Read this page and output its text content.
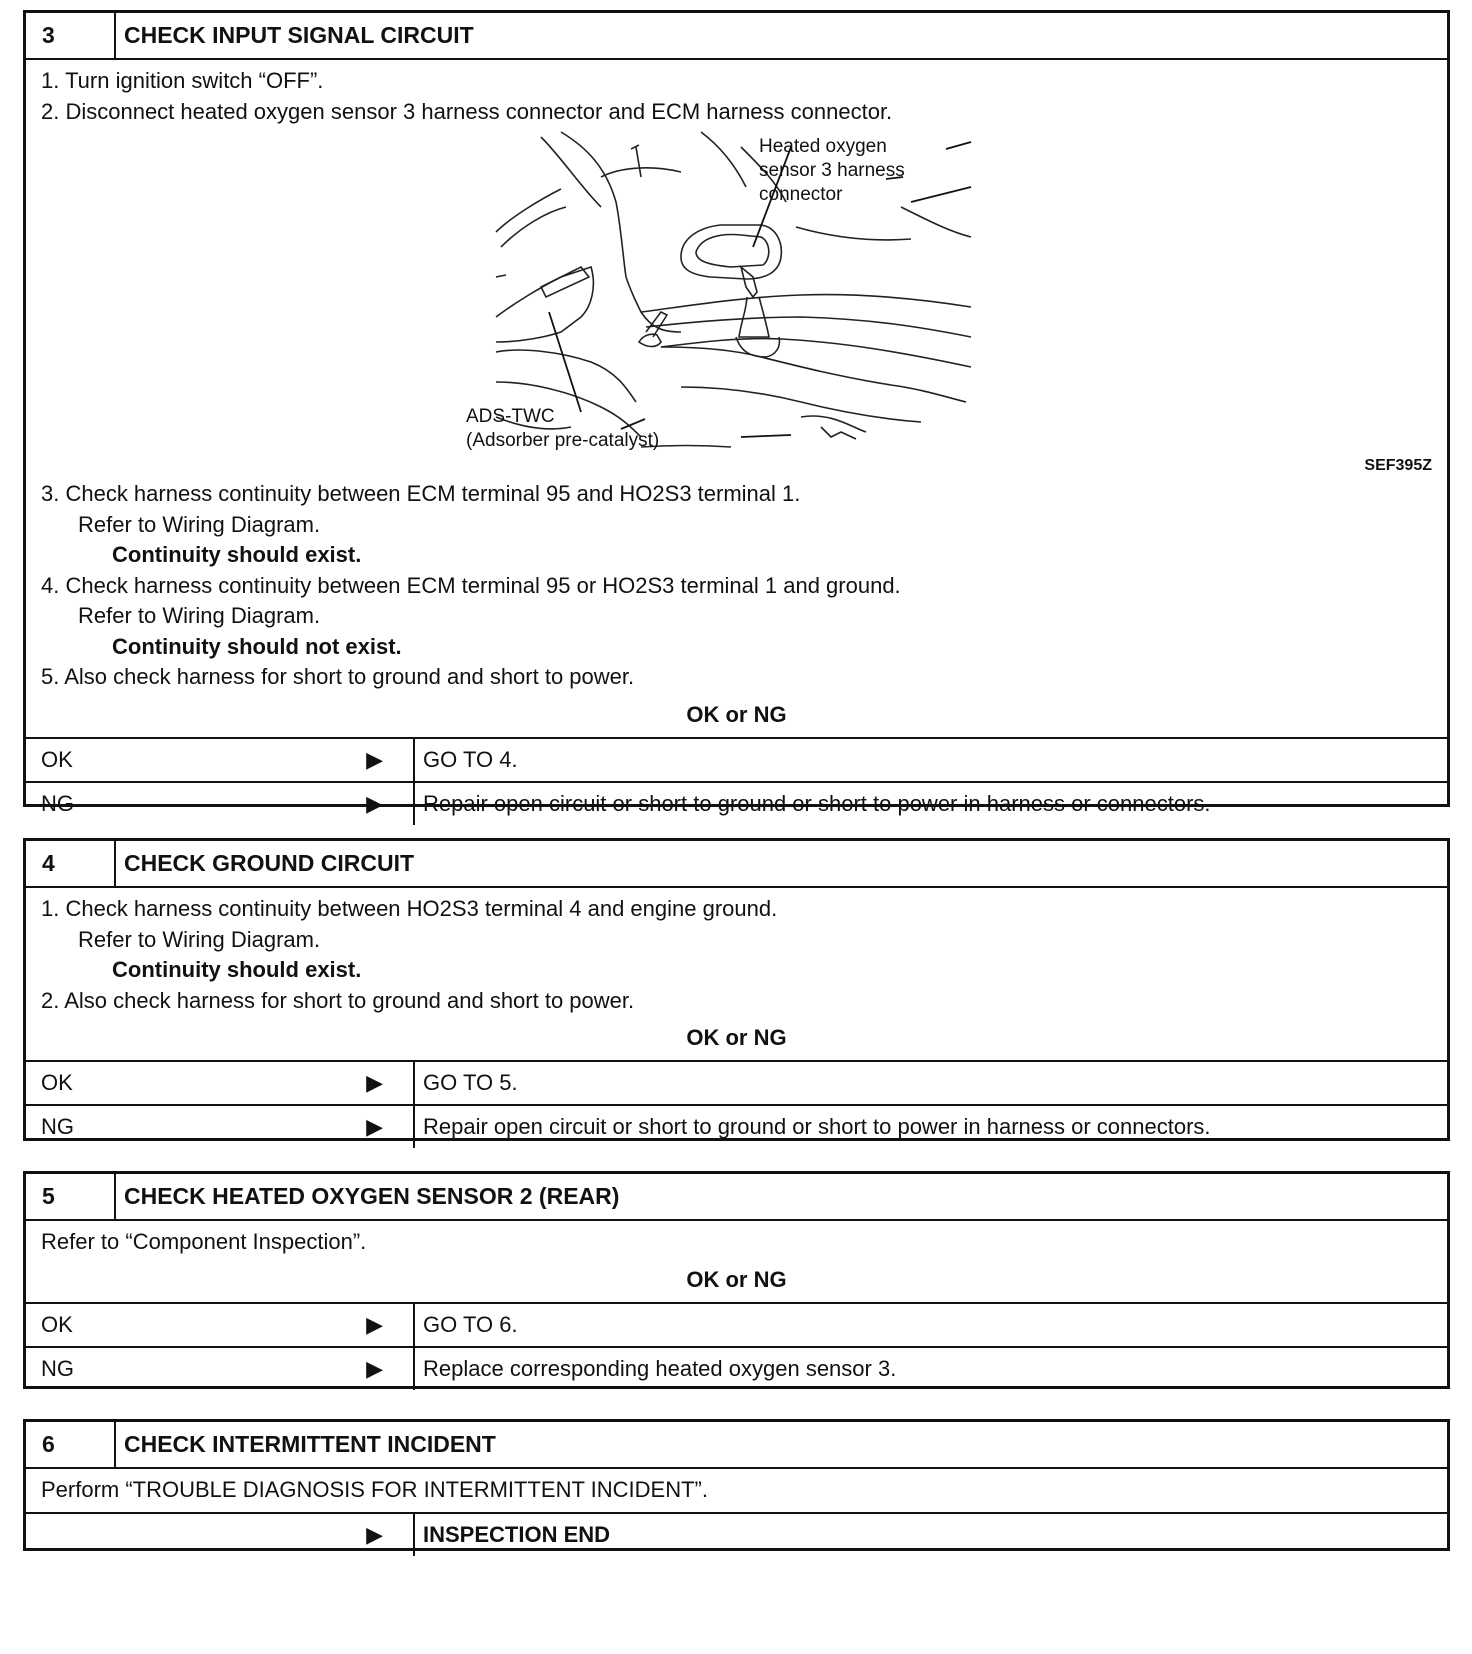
3	CHECK INPUT SIGNAL CIRCUIT
1. Turn ignition switch “OFF”.
2. Disconnect heated oxygen sensor 3 harness connector and ECM harness connector.
Heated oxygen
sensor 3 harness
connector
ADS-TWC
(Adsorber pre-catalyst)
SEF395Z
3. Check harness continuity between ECM terminal 95 and HO2S3 terminal 1.
Refer to Wiring Diagram.
Continuity should exist.
4. Check harness continuity between ECM terminal 95 or HO2S3 terminal 1 and ground.
Refer to Wiring Diagram.
Continuity should not exist.
5. Also check harness for short to ground and short to power.
OK or NG
OK	▶	GO TO 4.
NG	▶	Repair open circuit or short to ground or short to power in harness or connectors.
4	CHECK GROUND CIRCUIT
1. Check harness continuity between HO2S3 terminal 4 and engine ground.
Refer to Wiring Diagram.
Continuity should exist.
2. Also check harness for short to ground and short to power.
OK or NG
OK	▶	GO TO 5.
NG	▶	Repair open circuit or short to ground or short to power in harness or connectors.
5	CHECK HEATED OXYGEN SENSOR 2 (REAR)
Refer to “Component Inspection”.
OK or NG
OK	▶	GO TO 6.
NG	▶	Replace corresponding heated oxygen sensor 3.
6	CHECK INTERMITTENT INCIDENT
Perform “TROUBLE DIAGNOSIS FOR INTERMITTENT INCIDENT”.
▶	INSPECTION END
